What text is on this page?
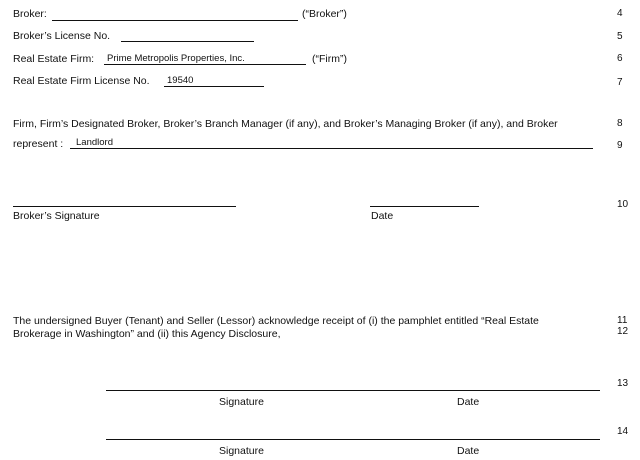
Broker:	(“Broker”)	4
Broker’s License No.	5
Real Estate Firm: Prime Metropolis Properties, Inc.	(“Firm”)	6
Real Estate Firm License No. 19540	7
Firm, Firm’s Designated Broker, Broker’s Branch Manager (if any), and Broker’s Managing Broker (if any), and Broker	8
represent : Landlord	9
Broker’s Signature	Date
10
The undersigned Buyer (Tenant) and Seller (Lessor) acknowledge receipt of (i) the pamphlet entitled “Real Estate	11
Brokerage in Washington” and (ii) this Agency Disclosure,	12
Signature	Date
13
Signature	Date
14
